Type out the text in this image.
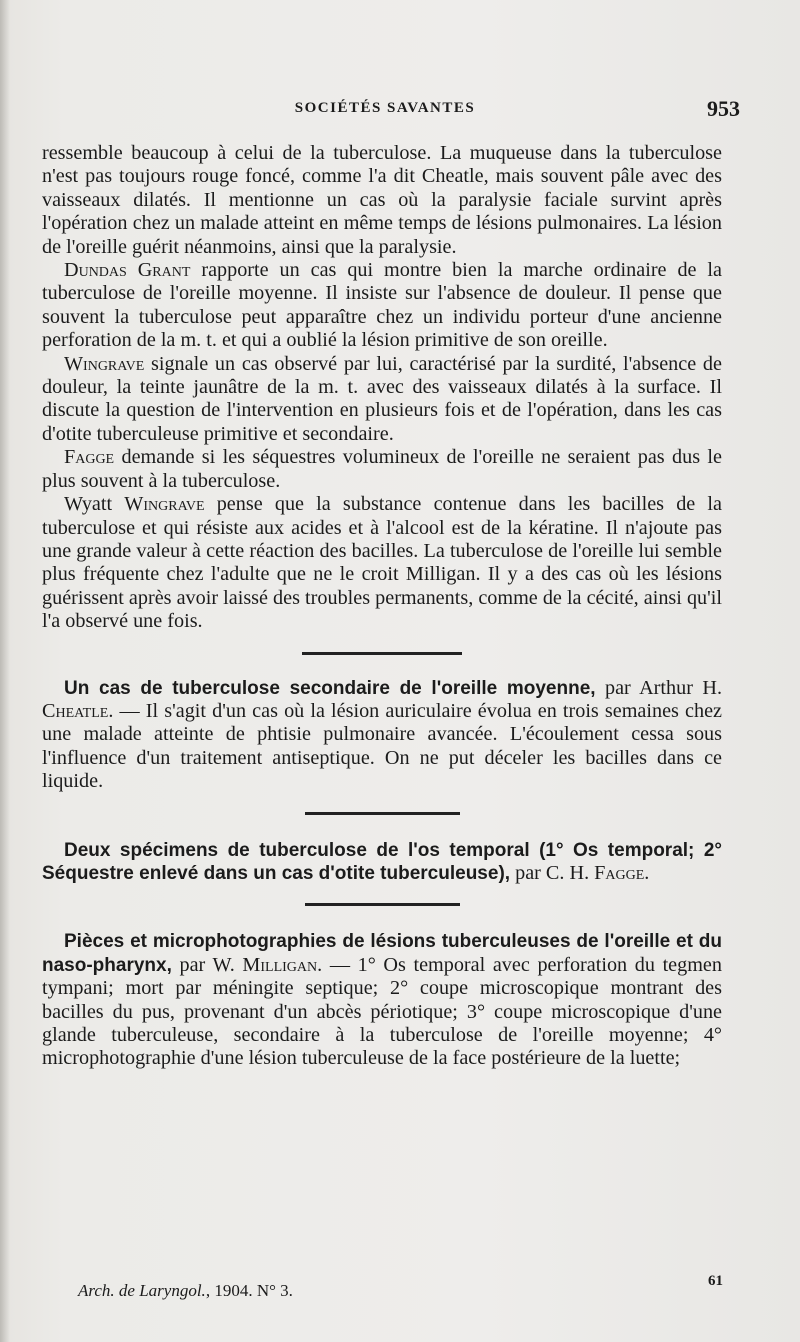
SOCIÉTÉS SAVANTES	953

ressemble beaucoup à celui de la tuberculose. La muqueuse dans la tuberculose n'est pas toujours rouge foncé, comme l'a dit Cheatle, mais souvent pâle avec des vaisseaux dilatés. Il mentionne un cas où la paralysie faciale survint après l'opération chez un malade atteint en même temps de lésions pulmonaires. La lésion de l'oreille guérit néanmoins, ainsi que la paralysie.

Dundas Grant rapporte un cas qui montre bien la marche ordinaire de la tuberculose de l'oreille moyenne. Il insiste sur l'absence de douleur. Il pense que souvent la tuberculose peut apparaître chez un individu porteur d'une ancienne perforation de la m. t. et qui a oublié la lésion primitive de son oreille.

Wingrave signale un cas observé par lui, caractérisé par la surdité, l'absence de douleur, la teinte jaunâtre de la m. t. avec des vaisseaux dilatés à la surface. Il discute la question de l'intervention en plusieurs fois et de l'opération, dans les cas d'otite tuberculeuse primitive et secondaire.

Fagge demande si les séquestres volumineux de l'oreille ne seraient pas dus le plus souvent à la tuberculose.

Wyatt Wingrave pense que la substance contenue dans les bacilles de la tuberculose et qui résiste aux acides et à l'alcool est de la kératine. Il n'ajoute pas une grande valeur à cette réaction des bacilles. La tuberculose de l'oreille lui semble plus fréquente chez l'adulte que ne le croit Milligan. Il y a des cas où les lésions guérissent après avoir laissé des troubles permanents, comme de la cécité, ainsi qu'il l'a observé une fois.

Un cas de tuberculose secondaire de l'oreille moyenne, par Arthur H. Cheatle. — Il s'agit d'un cas où la lésion auriculaire évolua en trois semaines chez une malade atteinte de phtisie pulmonaire avancée. L'écoulement cessa sous l'influence d'un traitement antiseptique. On ne put déceler les bacilles dans ce liquide.

Deux spécimens de tuberculose de l'os temporal (1° Os temporal; 2° Séquestre enlevé dans un cas d'otite tuberculeuse), par C. H. Fagge.

Pièces et microphotographies de lésions tuberculeuses de l'oreille et du naso-pharynx, par W. Milligan. — 1° Os temporal avec perforation du tegmen tympani; mort par méningite septique; 2° coupe microscopique montrant des bacilles du pus, provenant d'un abcès périotique; 3° coupe microscopique d'une glande tuberculeuse, secondaire à la tuberculose de l'oreille moyenne; 4° microphotographie d'une lésion tuberculeuse de la face postérieure de la luette;

Arch. de Laryngol., 1904. N° 3.	61
